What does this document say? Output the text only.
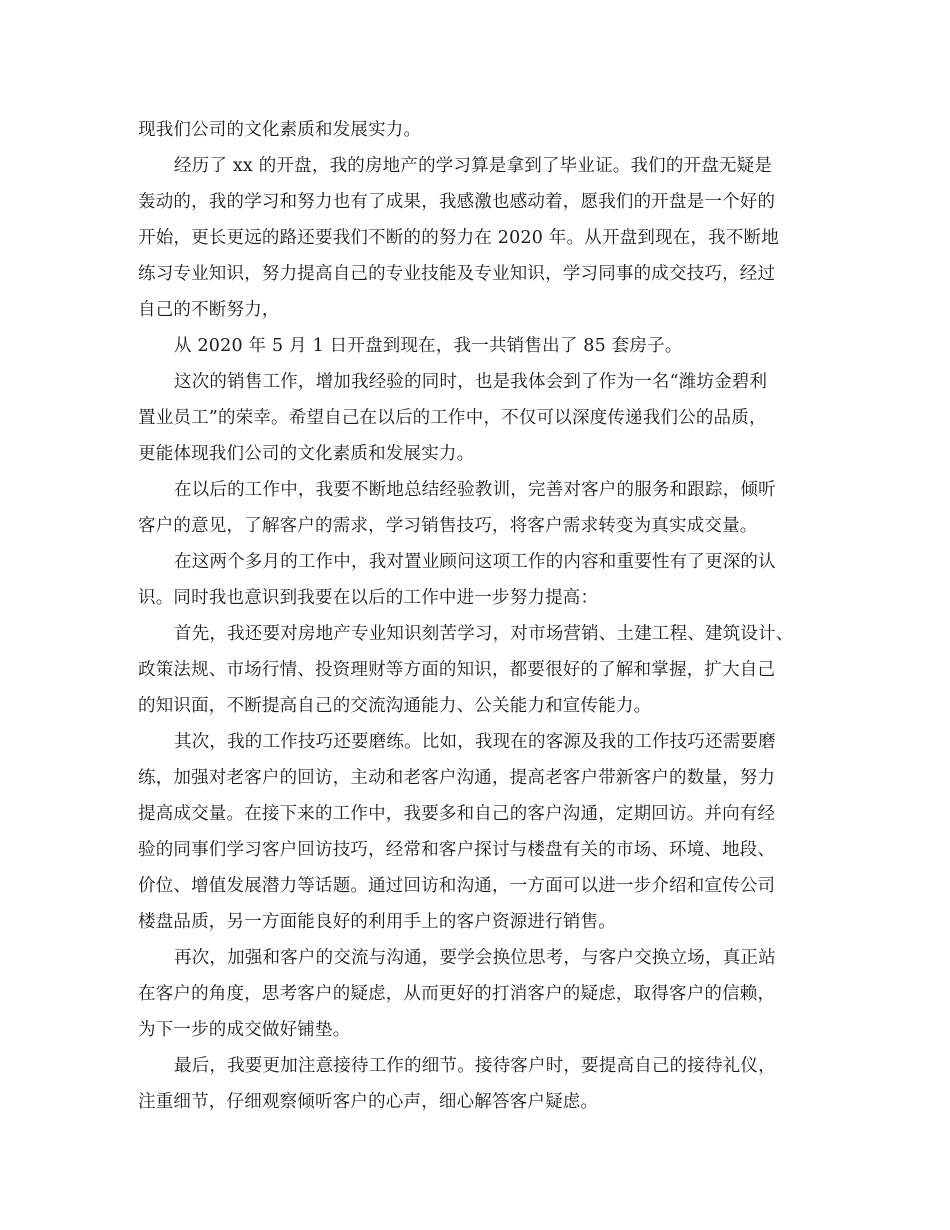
现我们公司的文化素质和发展实力。
经历了 xx 的开盘，我的房地产的学习算是拿到了毕业证。我们的开盘无疑是
轰动的，我的学习和努力也有了成果，我感激也感动着，愿我们的开盘是一个好的
开始，更长更远的路还要我们不断的的努力在 2020 年。从开盘到现在，我不断地
练习专业知识，努力提高自己的专业技能及专业知识，学习同事的成交技巧，经过
自己的不断努力，
从 2020 年 5 月 1 日开盘到现在，我一共销售出了 85 套房子。
这次的销售工作，增加我经验的同时，也是我体会到了作为一名“潍坊金碧利
置业员工”的荣幸。希望自己在以后的工作中，不仅可以深度传递我们公的品质，
更能体现我们公司的文化素质和发展实力。
在以后的工作中，我要不断地总结经验教训，完善对客户的服务和跟踪，倾听
客户的意见，了解客户的需求，学习销售技巧，将客户需求转变为真实成交量。
在这两个多月的工作中，我对置业顾问这项工作的内容和重要性有了更深的认
识。同时我也意识到我要在以后的工作中进一步努力提高：
首先，我还要对房地产专业知识刻苦学习，对市场营销、土建工程、建筑设计、
政策法规、市场行情、投资理财等方面的知识，都要很好的了解和掌握，扩大自己
的知识面，不断提高自己的交流沟通能力、公关能力和宣传能力。
其次，我的工作技巧还要磨练。比如，我现在的客源及我的工作技巧还需要磨
练，加强对老客户的回访，主动和老客户沟通，提高老客户带新客户的数量，努力
提高成交量。在接下来的工作中，我要多和自己的客户沟通，定期回访。并向有经
验的同事们学习客户回访技巧，经常和客户探讨与楼盘有关的市场、环境、地段、
价位、增值发展潜力等话题。通过回访和沟通，一方面可以进一步介绍和宣传公司
楼盘品质，另一方面能良好的利用手上的客户资源进行销售。
再次，加强和客户的交流与沟通，要学会换位思考，与客户交换立场，真正站
在客户的角度，思考客户的疑虑，从而更好的打消客户的疑虑，取得客户的信赖，
为下一步的成交做好铺垫。
最后，我要更加注意接待工作的细节。接待客户时，要提高自己的接待礼仪，
注重细节，仔细观察倾听客户的心声，细心解答客户疑虑。
